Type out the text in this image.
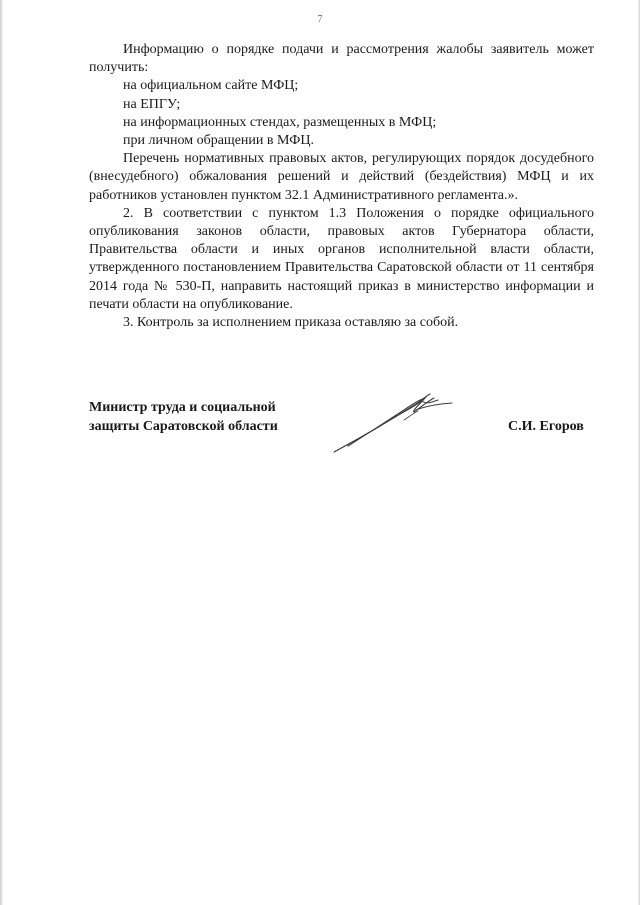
7

Информацию о порядке подачи и рассмотрения жалобы заявитель может получить:

на официальном сайте МФЦ;

на ЕПГУ;

на информационных стендах, размещенных в МФЦ;

при личном обращении в МФЦ.

Перечень нормативных правовых актов, регулирующих порядок досудебного (внесудебного) обжалования решений и действий (бездействия) МФЦ и их работников установлен пунктом 32.1 Административного регламента.».

2. В соответствии с пунктом 1.3 Положения о порядке официального опубликования законов области, правовых актов Губернатора области, Правительства области и иных органов исполнительной власти области, утвержденного постановлением Правительства Саратовской области от 11 сентября 2014 года № 530-П, направить настоящий приказ в министерство информации и печати области на опубликование.

3. Контроль за исполнением приказа оставляю за собой.

Министр труда и социальной
защиты Саратовской области	С.И. Егоров
